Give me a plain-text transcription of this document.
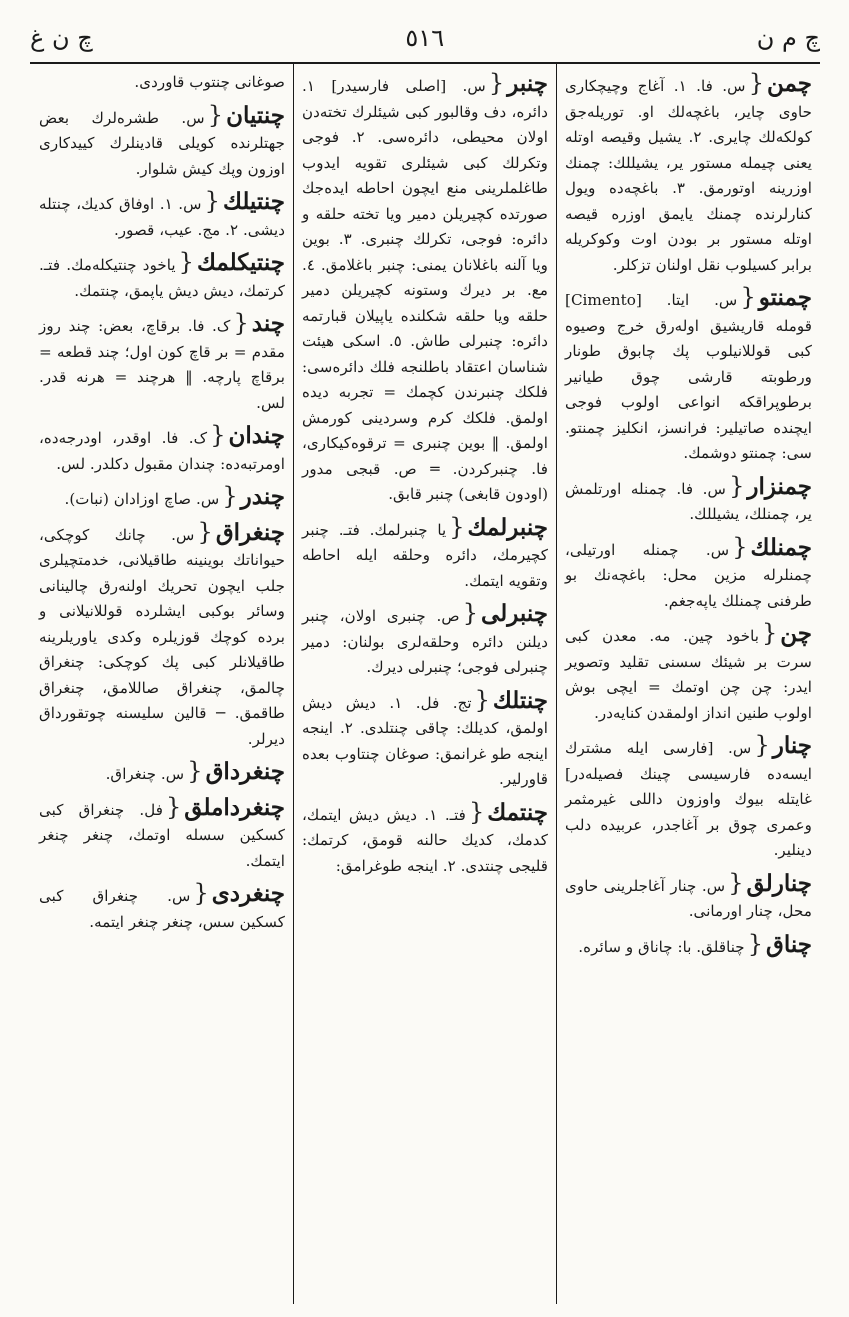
چ م ن
٥١٦
چ ن غ
چمن{س. فا. ۱. آغاج وچیچکاری حاوی چایر، باغچه‌لك او. توریله‌جق کولکه‌لك چایری. ۲. یشیل وقیصه اوتله یعنی چیمله مستور یر، یشیللك: چمنك اوزرینه اوتورمق. ۳. باغچه‌ده ویول کنارلرنده چمنك یایمق اوزره قیصه اوتله مستور بر بودن اوت وکوکریله برابر کسیلوب نقل اولنان تزکلر.
چمنتو{س. ایتا. [Cimento] قومله قاریشیق اوله‌رق خرج وصیوه کبی قوللانیلوب پك چابوق طونار ورطوبته قارشی چوق طیانیر برطوپراقکه انواعی اولوب فوجی ایچنده صاتیلیر: فرانسز، انکلیز چمنتو. سی: چمنتو دوشمك.
چمنزار{س. فا. چمنله اورتلمش یر، چمنلك، یشیللك.
چمنلك{س. چمنله اورتیلی، چمنلرله مزین محل: باغچه‌نك بو طرفنی چمنلك یاپه‌جغم.
چن{باخود چین. مه. معدن کبی سرت بر شیئك سسنی تقلید وتصویر ایدر: چن چن اوتمك = ایچی بوش اولوب طنین انداز اولمقدن کنایه‌در.
چنار{س. [فارسی ایله مشترك ایسه‌ده فارسیسی چینك فصیله‌در] غایتله بیوك واوزون داللی غیرمثمر وعمری چوق بر آغاجدر، عربیده دلب دینلیر.
چنارلق{س. چنار آغاجلرینی حاوی محل، چنار اورمانی.
چناق{چناقلق. با: چاناق و سائره.
چنبر{س. [اصلی فارسیدر] ۱. دائره، دف وقالبور کبی شیئلرك تخته‌دن اولان محیطی، دائره‌سی. ۲. فوجی وتکرلك کبی شیئلری تقویه ایدوب طاغلملرینی منع ایچون احاطه ایده‌جك صورتده کچیریلن دمیر ویا تخته حلقه و دائره: فوجی، تکرلك چنبری. ۳. بوین ویا آلنه باغلانان یمنی: چنبر باغلامق. ٤. مع. بر دیرك وستونه کچیریلن دمیر حلقه ویا حلقه شکلنده یاپیلان قبارتمه دائره: چنبرلی طاش. ٥. اسکی هیئت شناسان اعتقاد باطلنجه فلك دائره‌سی: فلکك چنبرندن کچمك = تجربه دیده اولمق. فلکك کرم وسردینی کورمش اولمق. ‖ بوین چنبری = ترقوه‌کیکاری، فا. چنبرکردن. ═ ص. قبجی مدور (اودون قابغی) چنبر قابق.
چنبرلمك{یا چنبرلمك. فتـ. چنبر کچیرمك، دائره وحلقه ایله احاطه وتقویه ایتمك.
چنبرلی{ص. چنبری اولان، چنبر دیلنن دائره وحلقه‌لری بولنان: دمیر چنبرلی فوجی؛ چنبرلی دیرك.
چنتلك{تج. فل. ۱. دیش دیش اولمق، کدیلك: چاقی چنتلدی. ۲. اینجه اینجه طو غرانمق: صوغان چنتاوب بعده قاورلیر.
چنتمك{فتـ. ۱. دیش دیش ایتمك، کدمك، کدیك حالنه قومق، کرتمك: قلیجی چنتدی. ۲. اینجه طوغرامق:
صوغانی چنتوب قاوردی.
چنتیان{س. طشره‌لرك بعض جهتلرنده کویلی قادینلرك کییدکاری اوزون وپك کیش شلوار.
چنتیلك{س. ۱. اوفاق کدیك، چنتله دیشی. ۲. مج. عیب، قصور.
چنتیکلمك{یاخود چنتیکله‌مك. فتـ. کرتمك، دیش دیش یاپمق، چنتمك.
چند{ک. فا. برقاچ، بعض: چند روز مقدم = بر قاچ کون اول؛ چند قطعه = برقاچ پارچه. ‖ هرچند = هرنه قدر. لس.
چندان{ک. فا. اوقدر، اودرجه‌ده، اومرتبه‌ده: چندان مقبول دکلدر. لس.
چندر{س. صاچ اوزادان (نبات).
چنغراق{س. چانك کوچکی، حیواناتك بوینینه طاقیلانی، خدمتچیلری جلب ایچون تحریك اولنه‌رق چالینانی وسائر بوکبی ایشلرده قوللانیلانی و برده کوچك قوزیلره وکدی یاوریلرینه طاقیلانلر کبی پك کوچکی: چنغراق چالمق، چنغراق صاللامق، چنغراق طاقمق. ─ قالین سلیسنه چوتقورداق دیرلر.
چنغرداق{س. چنغراق.
چنغرداملق{فل. چنغراق کبی کسکین سسله اوتمك، چنغر چنغر ایتمك.
چنغردی{س. چنغراق کبی کسکین سس، چنغر چنغر ایتمه.
